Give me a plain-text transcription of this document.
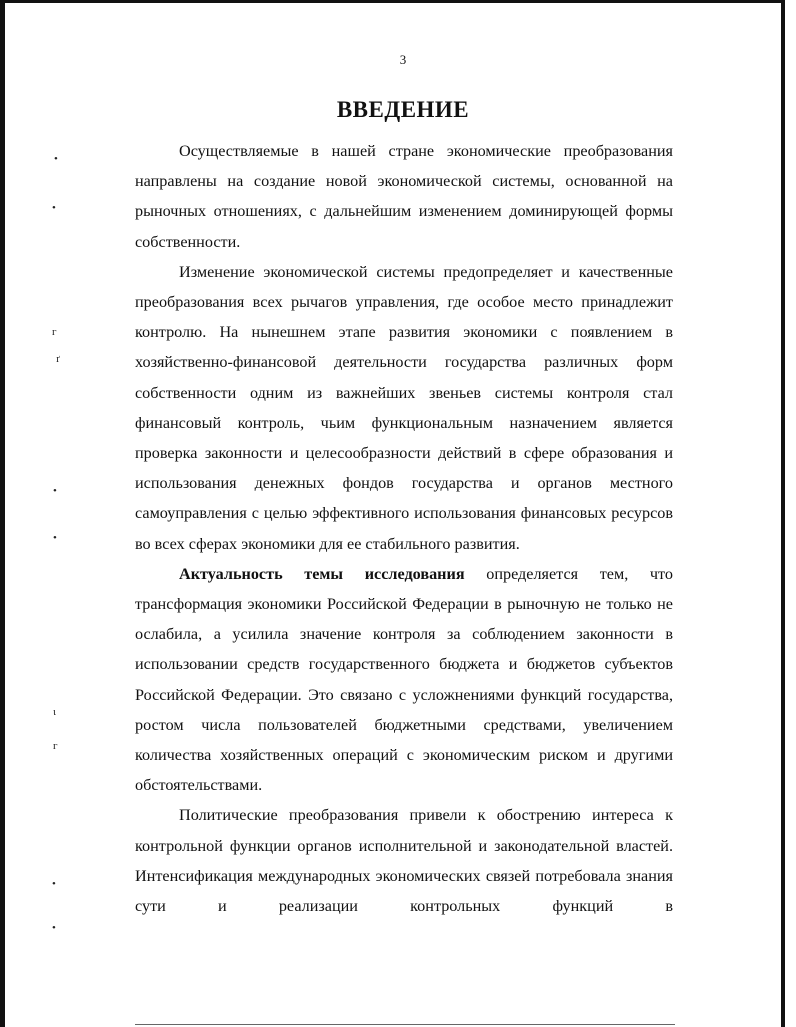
3
ВВЕДЕНИЕ

Осуществляемые в нашей стране экономические преобразования направлены на создание новой экономической системы, основанной на рыночных отношениях, с дальнейшим изменением доминирующей формы собственности.

Изменение экономической системы предопределяет и качественные преобразования всех рычагов управления, где особое место принадлежит контролю. На нынешнем этапе развития экономики с появлением в хозяйственно-финансовой деятельности государства различных форм собственности одним из важнейших звеньев системы контроля стал финансовый контроль, чьим функциональным назначением является проверка законности и целесообразности действий в сфере образования и использования денежных фондов государства и органов местного самоуправления с целью эффективного использования финансовых ресурсов во всех сферах экономики для ее стабильного развития.

Актуальность темы исследования определяется тем, что трансформация экономики Российской Федерации в рыночную не только не ослабила, а усилила значение контроля за соблюдением законности в использовании средств государственного бюджета и бюджетов субъектов Российской Федерации. Это связано с усложнениями функций государства, ростом числа пользователей бюджетными средствами, увеличением количества хозяйственных операций с экономическим риском и другими обстоятельствами.

Политические преобразования привели к обострению интереса к контрольной функции органов исполнительной и законодательной властей. Интенсификация международных экономических связей потребовала знания сути и реализации контрольных функций в

•
•
ᴦ
ґ
•
•
ɩ
ᴦ
•
•
